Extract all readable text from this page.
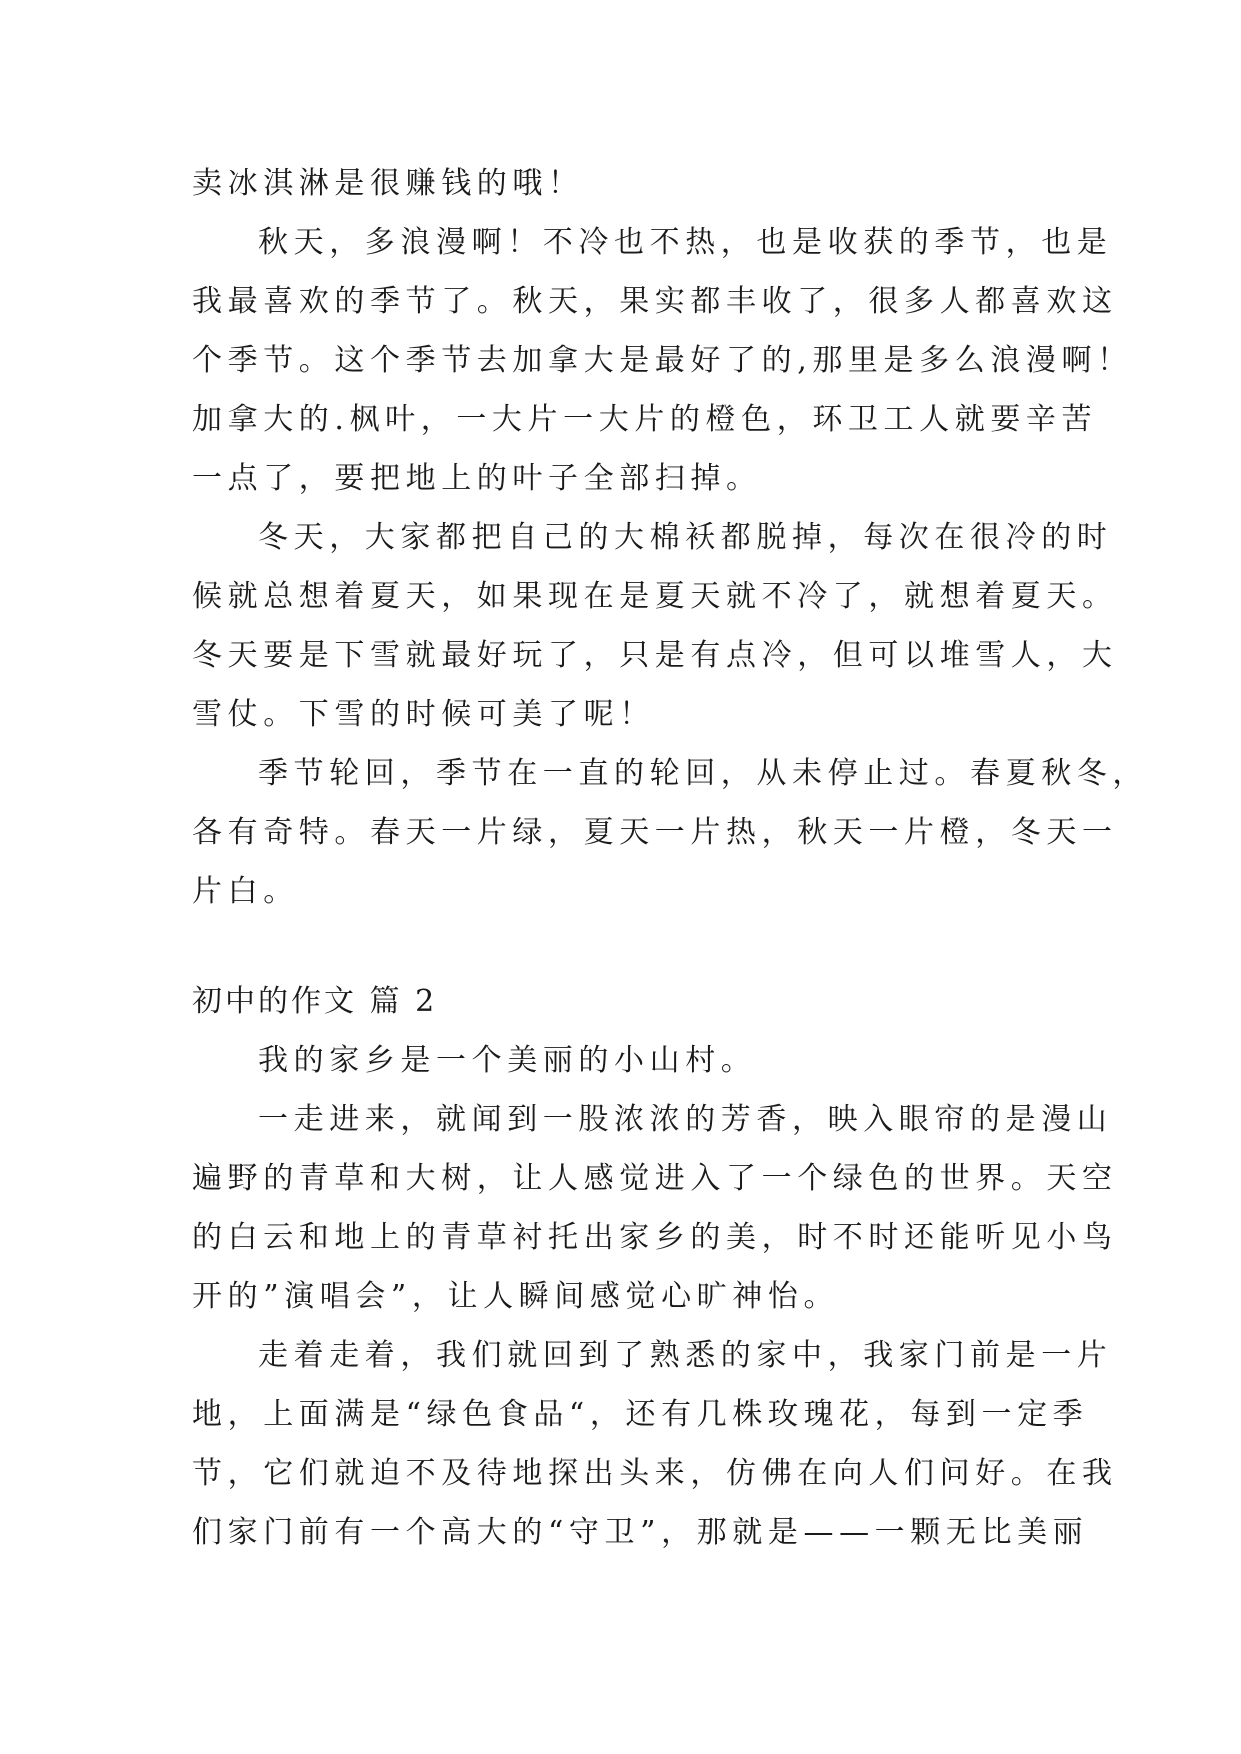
卖冰淇淋是很赚钱的哦！
秋天，多浪漫啊！不冷也不热，也是收获的季节，也是
我最喜欢的季节了。秋天，果实都丰收了，很多人都喜欢这
个季节。这个季节去加拿大是最好了的,那里是多么浪漫啊！
加拿大的.枫叶，一大片一大片的橙色，环卫工人就要辛苦
一点了，要把地上的叶子全部扫掉。
冬天，大家都把自己的大棉袄都脱掉，每次在很冷的时
候就总想着夏天，如果现在是夏天就不冷了，就想着夏天。
冬天要是下雪就最好玩了，只是有点冷，但可以堆雪人，大
雪仗。下雪的时候可美了呢！
季节轮回，季节在一直的轮回，从未停止过。春夏秋冬，
各有奇特。春天一片绿，夏天一片热，秋天一片橙，冬天一
片白。
初中的作文 篇 2
我的家乡是一个美丽的小山村。
一走进来，就闻到一股浓浓的芳香，映入眼帘的是漫山
遍野的青草和大树，让人感觉进入了一个绿色的世界。天空
的白云和地上的青草衬托出家乡的美，时不时还能听见小鸟
开的”演唱会”，让人瞬间感觉心旷神怡。
走着走着，我们就回到了熟悉的家中，我家门前是一片
地，上面满是“绿色食品“，还有几株玫瑰花，每到一定季
节，它们就迫不及待地探出头来，仿佛在向人们问好。在我
们家门前有一个高大的“守卫”，那就是——一颗无比美丽
